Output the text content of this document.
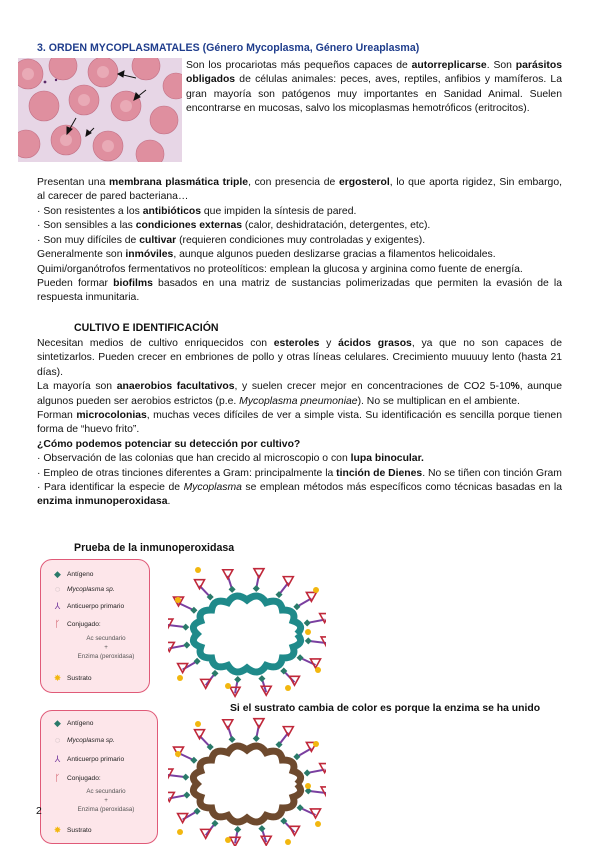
3. ORDEN MYCOPLASMATALES (Género Mycoplasma, Género Ureaplasma)

Son los procariotas más pequeños capaces de autorreplicarse. Son parásitos obligados de células animales: peces, aves, reptiles, anfibios y mamíferos. La gran mayoría son patógenos muy importantes en Sanidad Animal. Suelen encontrarse en mucosas, salvo los micoplasmas hemotróficos (eritrocitos).

Presentan una membrana plasmática triple, con presencia de ergosterol, lo que aporta rigidez, Sin embargo, al carecer de pared bacteriana…

· Son resistentes a los antibióticos que impiden la síntesis de pared.

· Son sensibles a las condiciones externas (calor, deshidratación, detergentes, etc).

· Son muy difíciles de cultivar (requieren condiciones muy controladas y exigentes).

Generalmente son inmóviles, aunque algunos pueden deslizarse gracias a filamentos helicoidales.

Quimi/organótrofos fermentativos no proteolíticos: emplean la glucosa y arginina como fuente de energía.

Pueden formar biofilms basados en una matriz de sustancias polimerizadas que permiten la evasión de la respuesta inmunitaria.

CULTIVO E IDENTIFICACIÓN

Necesitan medios de cultivo enriquecidos con esteroles y ácidos grasos, ya que no son capaces de sintetizarlos. Pueden crecer en embriones de pollo y otras líneas celulares. Crecimiento muuuuy lento (hasta 21 días).

La mayoría son anaerobios facultativos, y suelen crecer mejor en concentraciones de CO2 5-10%, aunque algunos pueden ser aerobios estrictos (p.e. Mycoplasma pneumoniae). No se multiplican en el ambiente.

Forman microcolonias, muchas veces difíciles de ver a simple vista. Su identificación es sencilla porque tienen forma de “huevo frito”.

¿Cómo podemos potenciar su detección por cultivo?

· Observación de las colonias que han crecido al microscopio o con lupa binocular.

· Empleo de otras tinciones diferentes a Gram: principalmente la tinción de Dienes. No se tiñen con tinción Gram

· Para identificar la especie de Mycoplasma se emplean métodos más específicos como técnicas basadas en la enzima inmunoperoxidasa.

Prueba de la inmunoperoxidasa
◆ Antígeno
◌ Mycoplasma sp.
⅄ Anticuerpo primario
ᚴ Conjugado:
Ac secundario
+
Enzima (peroxidasa)
✸ Sustrato
Si el sustrato cambia de color es porque la enzima se ha unido
◆ Antígeno
◌ Mycoplasma sp.
⅄ Anticuerpo primario
ᚴ Conjugado:
Ac secundario
+
Enzima (peroxidasa)
✸ Sustrato
2
